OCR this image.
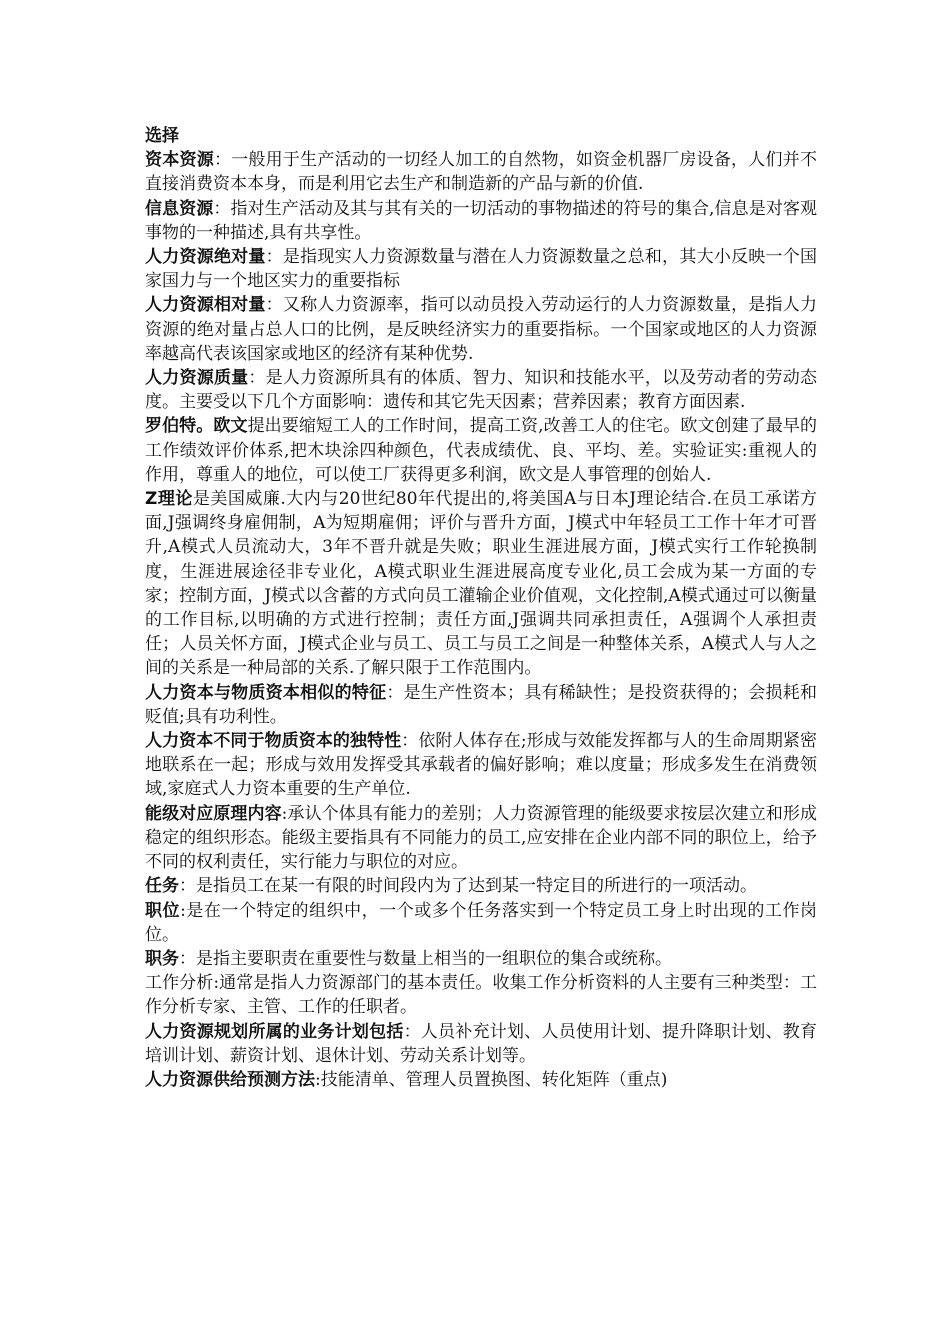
选择

资本资源：一般用于生产活动的一切经人加工的自然物，如资金机器厂房设备，人们并不直接消费资本本身，而是利用它去生产和制造新的产品与新的价值.

信息资源：指对生产活动及其与其有关的一切活动的事物描述的符号的集合,信息是对客观事物的一种描述,具有共享性。

人力资源绝对量：是指现实人力资源数量与潜在人力资源数量之总和，其大小反映一个国家国力与一个地区实力的重要指标

人力资源相对量：又称人力资源率，指可以动员投入劳动运行的人力资源数量，是指人力资源的绝对量占总人口的比例，是反映经济实力的重要指标。一个国家或地区的人力资源率越高代表该国家或地区的经济有某种优势.

人力资源质量：是人力资源所具有的体质、智力、知识和技能水平，以及劳动者的劳动态度。主要受以下几个方面影响：遗传和其它先天因素；营养因素；教育方面因素.

罗伯特。欧文提出要缩短工人的工作时间，提高工资,改善工人的住宅。欧文创建了最早的工作绩效评价体系,把木块涂四种颜色，代表成绩优、良、平均、差。实验证实:重视人的作用，尊重人的地位，可以使工厂获得更多利润，欧文是人事管理的创始人.

Z理论是美国威廉.大内与20世纪80年代提出的,将美国A与日本J理论结合.在员工承诺方面,J强调终身雇佣制，A为短期雇佣；评价与晋升方面，J模式中年轻员工工作十年才可晋升,A模式人员流动大，3年不晋升就是失败；职业生涯进展方面，J模式实行工作轮换制度，生涯进展途径非专业化，A模式职业生涯进展高度专业化,员工会成为某一方面的专家；控制方面，J模式以含蓄的方式向员工灌输企业价值观，文化控制,A模式通过可以衡量的工作目标,以明确的方式进行控制；责任方面,J强调共同承担责任，A强调个人承担责任；人员关怀方面，J模式企业与员工、员工与员工之间是一种整体关系，A模式人与人之间的关系是一种局部的关系.了解只限于工作范围内。

人力资本与物质资本相似的特征：是生产性资本；具有稀缺性；是投资获得的；会损耗和贬值;具有功利性。

人力资本不同于物质资本的独特性：依附人体存在;形成与效能发挥都与人的生命周期紧密地联系在一起；形成与效用发挥受其承载者的偏好影响；难以度量；形成多发生在消费领域,家庭式人力资本重要的生产单位.

能级对应原理内容:承认个体具有能力的差别；人力资源管理的能级要求按层次建立和形成稳定的组织形态。能级主要指具有不同能力的员工,应安排在企业内部不同的职位上，给予不同的权利责任，实行能力与职位的对应。

任务：是指员工在某一有限的时间段内为了达到某一特定目的所进行的一项活动。

职位:是在一个特定的组织中，一个或多个任务落实到一个特定员工身上时出现的工作岗位。

职务：是指主要职责在重要性与数量上相当的一组职位的集合或统称。

工作分析:通常是指人力资源部门的基本责任。收集工作分析资料的人主要有三种类型：工作分析专家、主管、工作的任职者。

人力资源规划所属的业务计划包括：人员补充计划、人员使用计划、提升降职计划、教育培训计划、薪资计划、退休计划、劳动关系计划等。

人力资源供给预测方法:技能清单、管理人员置换图、转化矩阵（重点)
